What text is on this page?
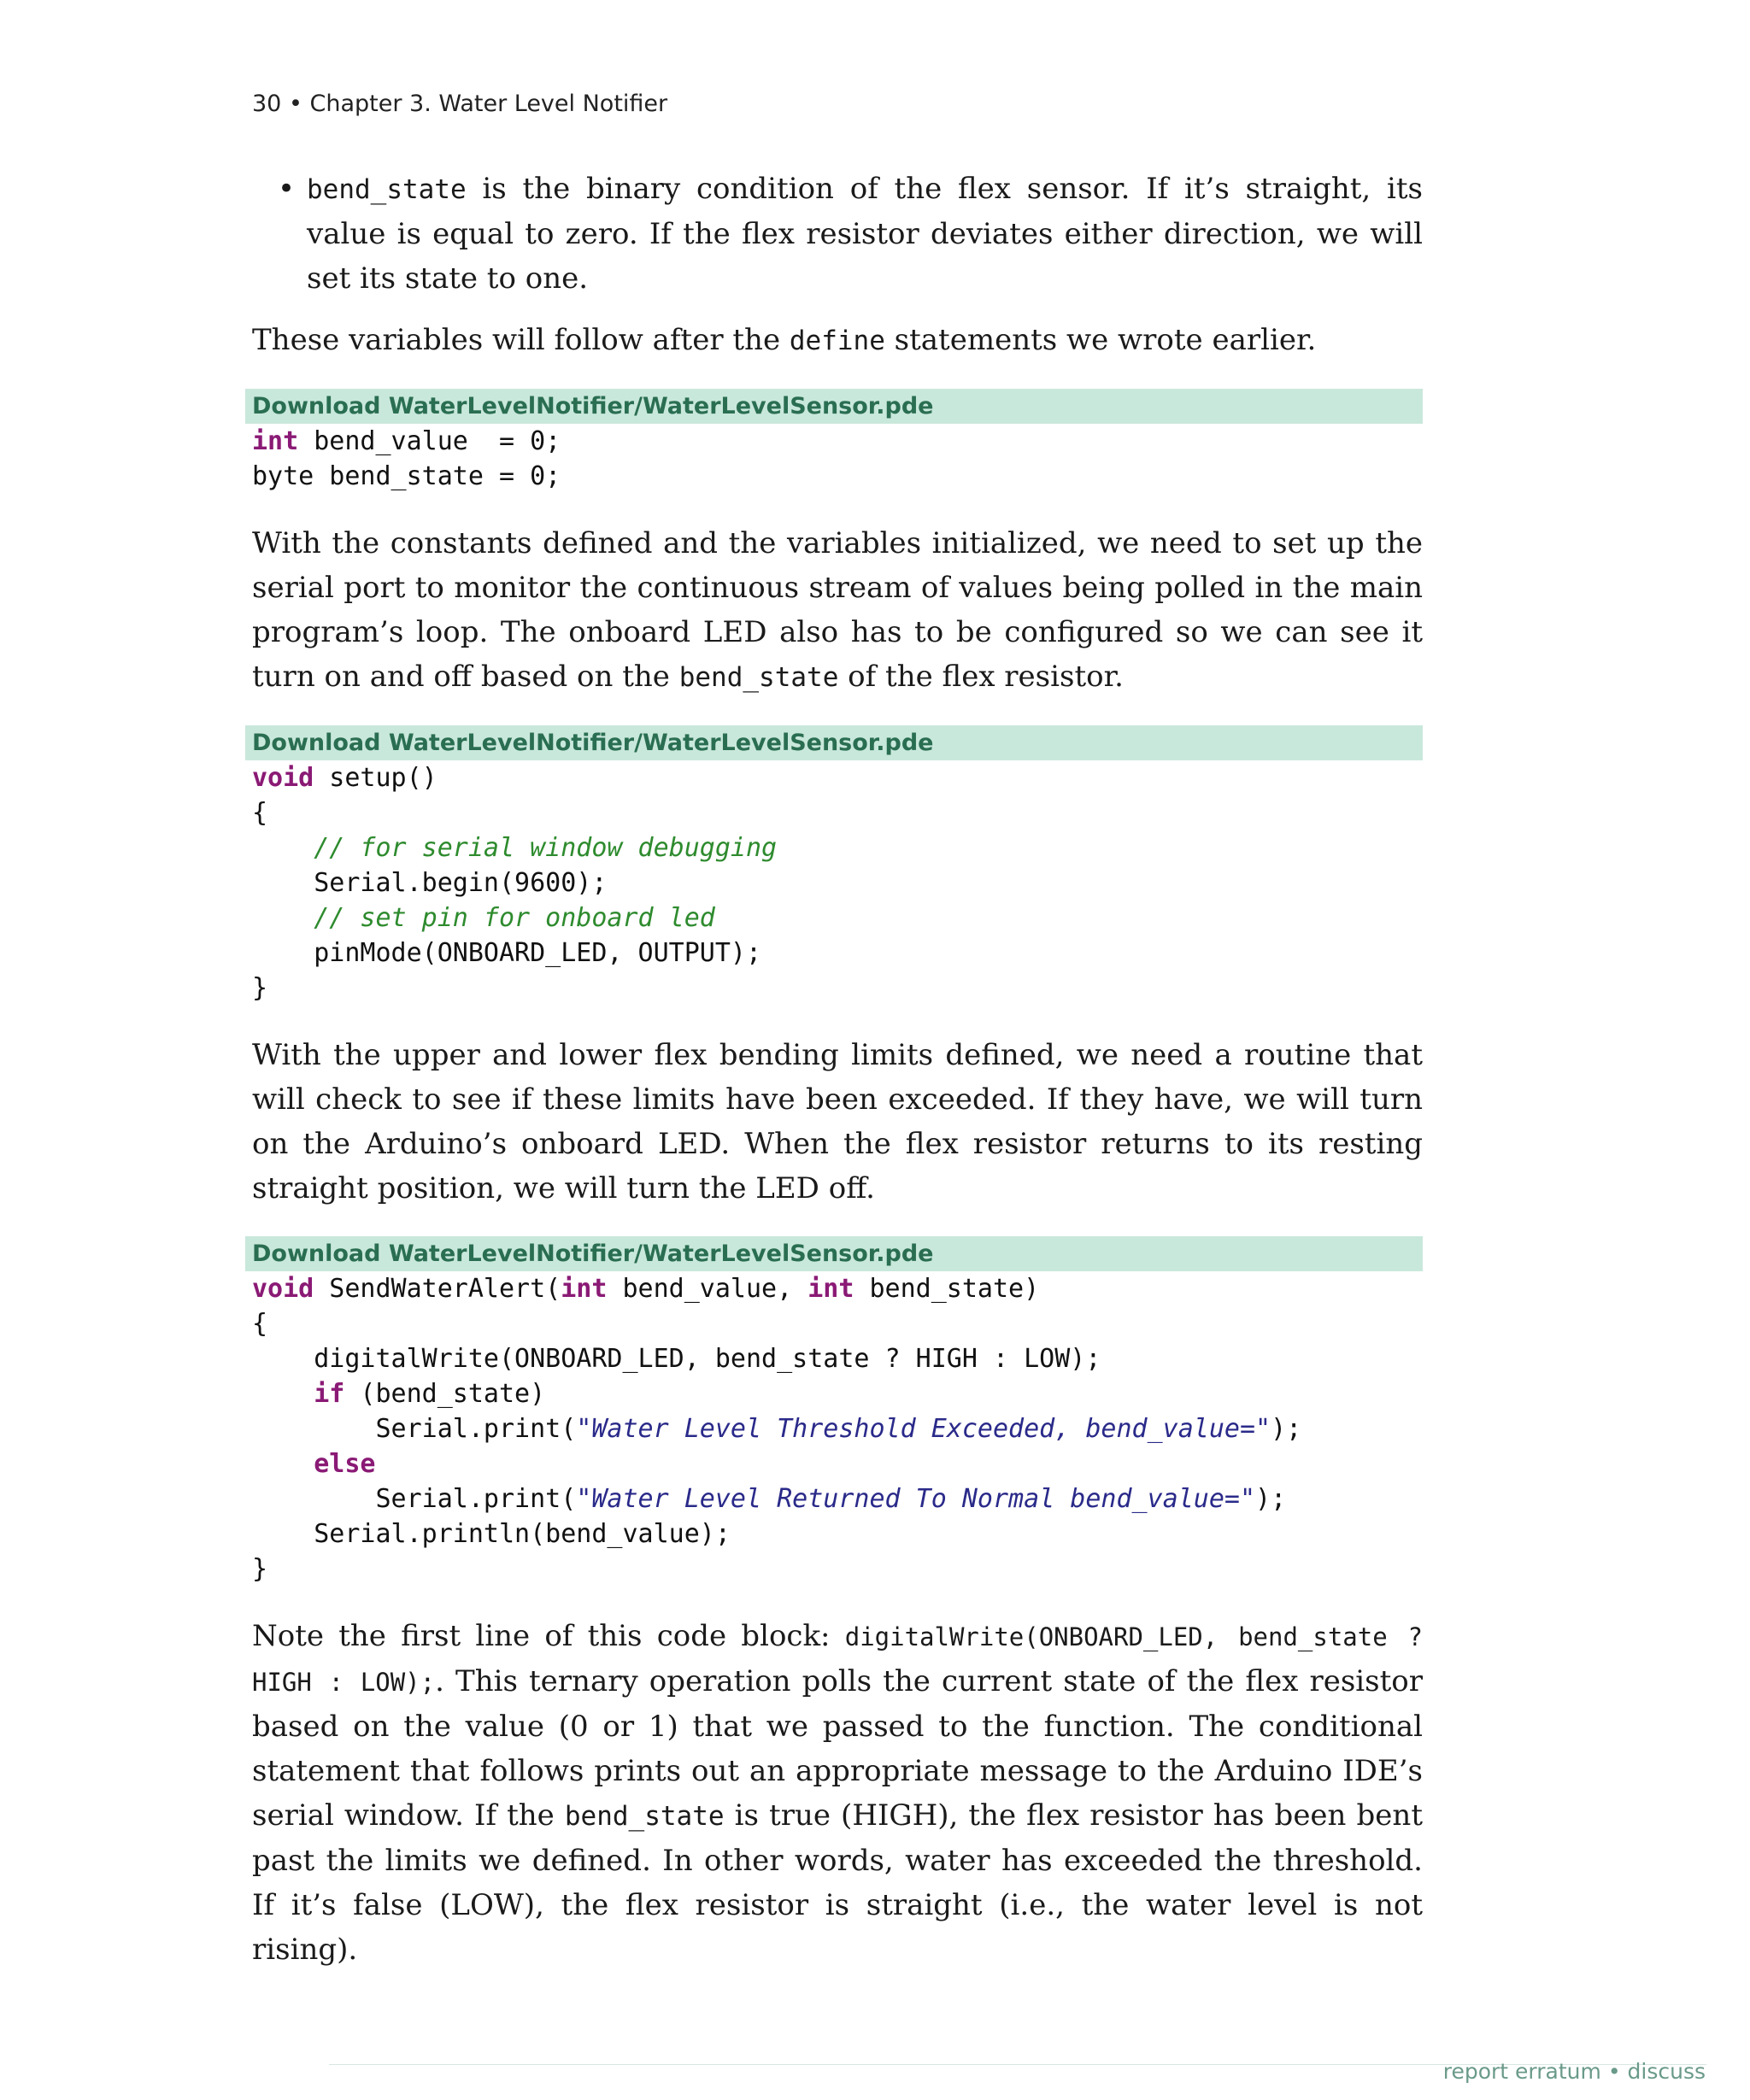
30 • Chapter 3. Water Level Notifier
• bend_state is the binary condition of the flex sensor. If it’s straight, its value is equal to zero. If the flex resistor deviates either direction, we will set its state to one.

These variables will follow after the define statements we wrote earlier.

Download WaterLevelNotifier/WaterLevelSensor.pde
int bend_value  = 0;
byte bend_state = 0;

With the constants defined and the variables initialized, we need to set up the serial port to monitor the continuous stream of values being polled in the main program’s loop. The onboard LED also has to be configured so we can see it turn on and off based on the bend_state of the flex resistor.

Download WaterLevelNotifier/WaterLevelSensor.pde
void setup()
{
// for serial window debugging
Serial.begin(9600);
// set pin for onboard led
pinMode(ONBOARD_LED, OUTPUT);
}

With the upper and lower flex bending limits defined, we need a routine that will check to see if these limits have been exceeded. If they have, we will turn on the Arduino’s onboard LED. When the flex resistor returns to its resting straight position, we will turn the LED off.

Download WaterLevelNotifier/WaterLevelSensor.pde
void SendWaterAlert(int bend_value, int bend_state)
{
digitalWrite(ONBOARD_LED, bend_state ? HIGH : LOW);
if (bend_state)
Serial.print("Water Level Threshold Exceeded, bend_value=");
else
Serial.print("Water Level Returned To Normal bend_value=");
Serial.println(bend_value);
}

Note the first line of this code block: digitalWrite(ONBOARD_LED, bend_state ? HIGH : LOW);. This ternary operation polls the current state of the flex resistor based on the value (0 or 1) that we passed to the function. The conditional statement that follows prints out an appropriate message to the Arduino IDE’s serial window. If the bend_state is true (HIGH), the flex resistor has been bent past the limits we defined. In other words, water has exceeded the threshold. If it’s false (LOW), the flex resistor is straight (i.e., the water level is not rising).

report erratum • discuss
